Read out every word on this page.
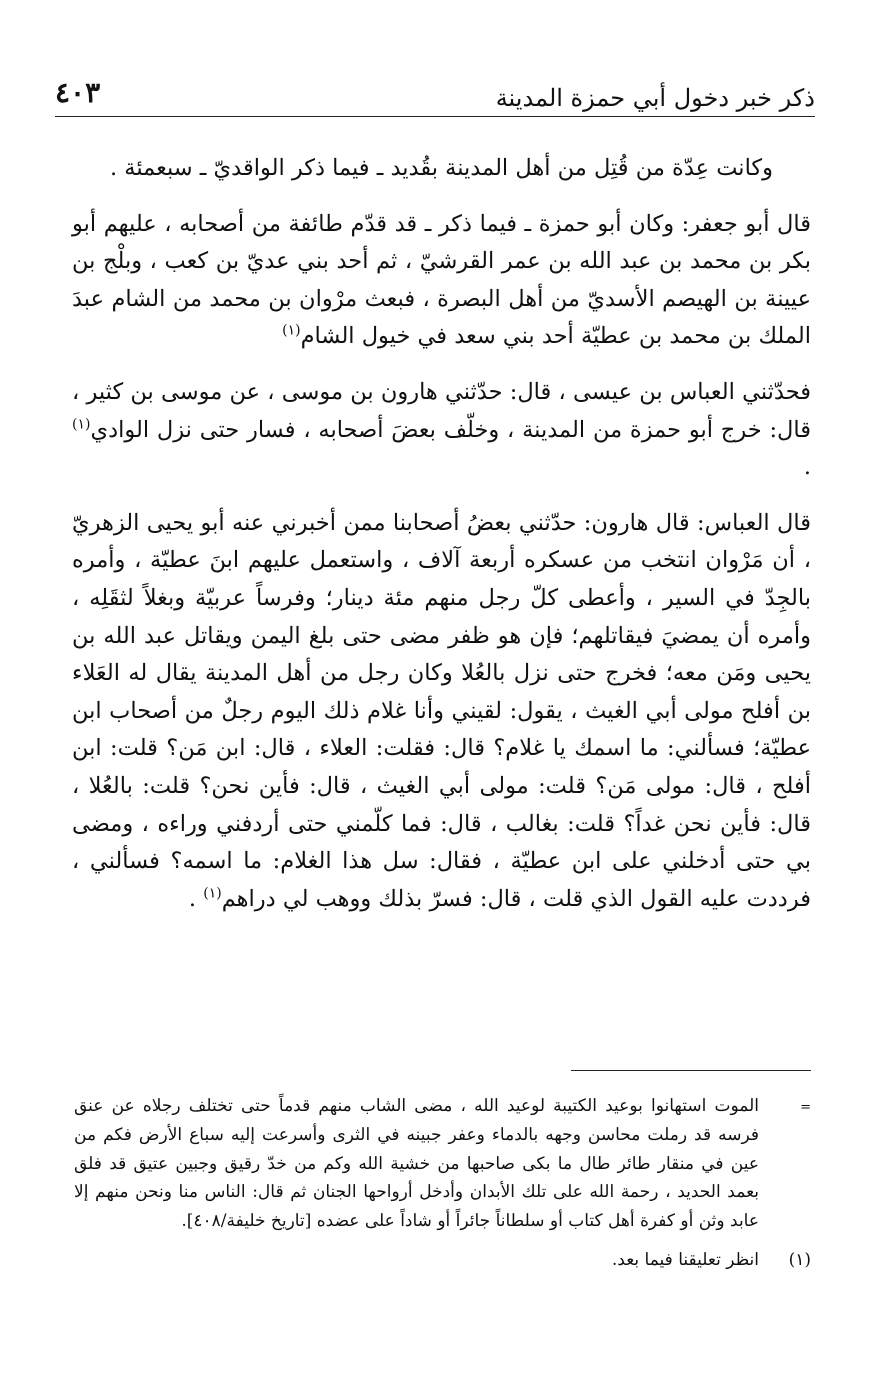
ذكر خبر دخول أبي حمزة المدينة
٤٠٣

وكانت عِدّة من قُتِل من أهل المدينة بقُديد ـ فيما ذكر الواقديّ ـ سبعمئة .

قال أبو جعفر: وكان أبو حمزة ـ فيما ذكر ـ قد قدّم طائفة من أصحابه ، عليهم أبو بكر بن محمد بن عبد الله بن عمر القرشيّ ، ثم أحد بني عديّ بن كعب ، وبلْج بن عيينة بن الهيصم الأسديّ من أهل البصرة ، فبعث مرْوان بن محمد من الشام عبدَ الملك بن محمد بن عطيّة أحد بني سعد في خيول الشام$^{(١)}$

فحدّثني العباس بن عيسى ، قال: حدّثني هارون بن موسى ، عن موسى بن كثير ، قال: خرج أبو حمزة من المدينة ، وخلّف بعضَ أصحابه ، فسار حتى نزل الوادي$^{(١)}$ .

قال العباس: قال هارون: حدّثني بعضُ أصحابنا ممن أخبرني عنه أبو يحيى الزهريّ ، أن مَرْوان انتخب من عسكره أربعة آلاف ، واستعمل عليهم ابنَ عطيّة ، وأمره بالجِدّ في السير ، وأعطى كلّ رجل منهم مئة دينار؛ وفرساً عربيّة وبغلاً لثقَلِه ، وأمره أن يمضيَ فيقاتلهم؛ فإن هو ظفر مضى حتى بلغ اليمن ويقاتل عبد الله بن يحيى ومَن معه؛ فخرج حتى نزل بالعُلا وكان رجل من أهل المدينة يقال له العَلاء بن أفلح مولى أبي الغيث ، يقول: لقيني وأنا غلام ذلك اليوم رجلٌ من أصحاب ابن عطيّة؛ فسألني: ما اسمك يا غلام؟ قال: فقلت: العلاء ، قال: ابن مَن؟ قلت: ابن أفلح ، قال: مولى مَن؟ قلت: مولى أبي الغيث ، قال: فأين نحن؟ قلت: بالعُلا ، قال: فأين نحن غداً؟ قلت: بغالب ، قال: فما كلّمني حتى أردفني وراءه ، ومضى بي حتى أدخلني على ابن عطيّة ، فقال: سل هذا الغلام: ما اسمه؟ فسألني ، فرددت عليه القول الذي قلت ، قال: فسرّ بذلك ووهب لي دراهم$^{(١)}$ .

=
الموت استهانوا بوعيد الكتيبة لوعيد الله ، مضى الشاب منهم قدماً حتى تختلف رجلاه عن عنق فرسه قد رملت محاسن وجهه بالدماء وعفر جبينه في الثرى وأسرعت إليه سباع الأرض فكم من عين في منقار طائر طال ما بكى صاحبها من خشية الله وكم من خدّ رقيق وجبين عتيق قد فلق بعمد الحديد ، رحمة الله على تلك الأبدان وأدخل أرواحها الجنان ثم قال: الناس منا ونحن منهم إلا عابد وثن أو كفرة أهل كتاب أو سلطاناً جائراً أو شاداً على عضده [تاريخ خليفة/٤٠٨].

(١)
انظر تعليقنا فيما بعد.
